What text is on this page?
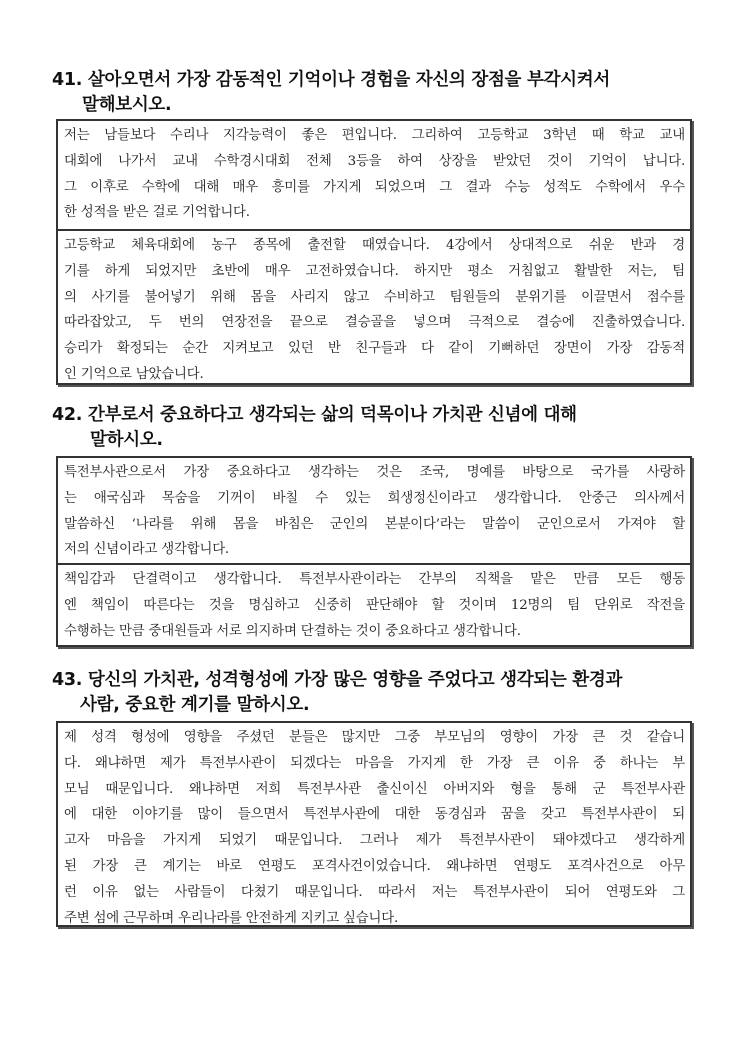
41. 살아오면서 가장 감동적인 기억이나 경험을 자신의 장점을 부각시켜서
말해보시오.
저는 남들보다 수리나 지각능력이 좋은 편입니다. 그리하여 고등학교 3학년 때 학교 교내
대회에 나가서 교내 수학경시대회 전체 3등을 하여 상장을 받았던 것이 기억이 납니다.
그 이후로 수학에 대해 매우 흥미를 가지게 되었으며 그 결과 수능 성적도 수학에서 우수
한 성적을 받은 걸로 기억합니다.
고등학교 체육대회에 농구 종목에 출전할 때였습니다. 4강에서 상대적으로 쉬운 반과 경
기를 하게 되었지만 초반에 매우 고전하였습니다. 하지만 평소 거침없고 활발한 저는, 팀
의 사기를 불어넣기 위해 몸을 사리지 않고 수비하고 팀원들의 분위기를 이끌면서 점수를
따라잡았고, 두 번의 연장전을 끝으로 결승골을 넣으며 극적으로 결승에 진출하였습니다.
승리가 확정되는 순간 지켜보고 있던 반 친구들과 다 같이 기뻐하던 장면이 가장 감동적
인 기억으로 남았습니다.
42. 간부로서 중요하다고 생각되는 삶의 덕목이나 가치관 신념에 대해
말하시오.
특전부사관으로서 가장 중요하다고 생각하는 것은 조국, 명예를 바탕으로 국가를 사랑하
는 애국심과 목숨을 기꺼이 바칠 수 있는 희생정신이라고 생각합니다. 안중근 의사께서
말씀하신 ‘나라를 위해 몸을 바침은 군인의 본분이다’라는 말씀이 군인으로서 가져야 할
저의 신념이라고 생각합니다.
책임감과 단결력이고 생각합니다. 특전부사관이라는 간부의 직책을 맡은 만큼 모든 행동
엔 책임이 따른다는 것을 명심하고 신중히 판단해야 할 것이며 12명의 팀 단위로 작전을
수행하는 만큼 중대원들과 서로 의지하며 단결하는 것이 중요하다고 생각합니다.
43. 당신의 가치관, 성격형성에 가장 많은 영향을 주었다고 생각되는 환경과
사람, 중요한 계기를 말하시오.
제 성격 형성에 영향을 주셨던 분들은 많지만 그중 부모님의 영향이 가장 큰 것 같습니
다. 왜냐하면 제가 특전부사관이 되겠다는 마음을 가지게 한 가장 큰 이유 중 하나는 부
모님 때문입니다. 왜냐하면 저희 특전부사관 출신이신 아버지와 형을 통해 군 특전부사관
에 대한 이야기를 많이 들으면서 특전부사관에 대한 동경심과 꿈을 갖고 특전부사관이 되
고자 마음을 가지게 되었기 때문입니다. 그러나 제가 특전부사관이 돼야겠다고 생각하게
된 가장 큰 계기는 바로 연평도 포격사건이었습니다. 왜냐하면 연평도 포격사건으로 아무
런 이유 없는 사람들이 다쳤기 때문입니다. 따라서 저는 특전부사관이 되어 연평도와 그
주변 섬에 근무하며 우리나라를 안전하게 지키고 싶습니다.
